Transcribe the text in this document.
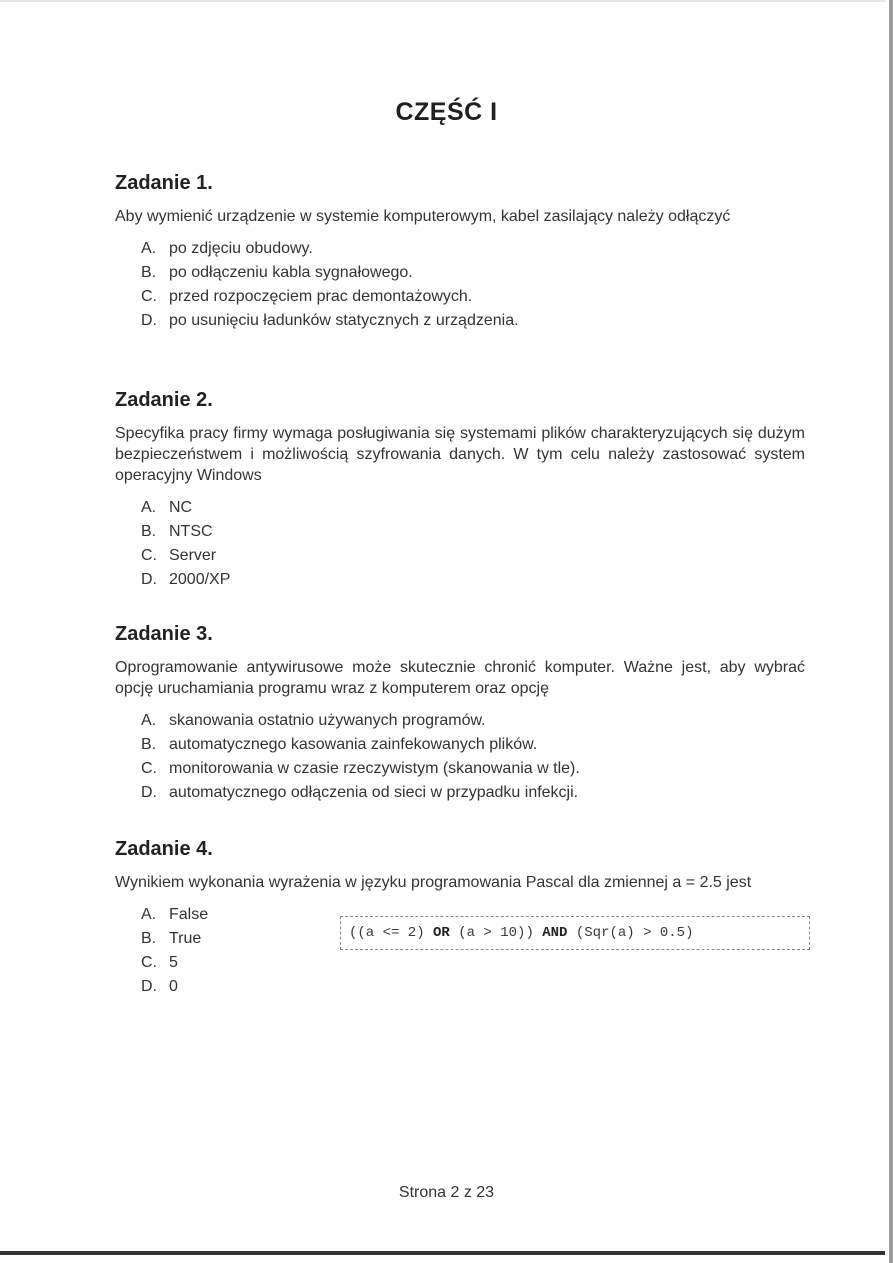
CZĘŚĆ I
Zadanie 1.
Aby wymienić urządzenie w systemie komputerowym, kabel zasilający należy odłączyć
A. po zdjęciu obudowy.
B. po odłączeniu kabla sygnałowego.
C. przed rozpoczęciem prac demontażowych.
D. po usunięciu ładunków statycznych z urządzenia.
Zadanie 2.
Specyfika pracy firmy wymaga posługiwania się systemami plików charakteryzujących się dużym bezpieczeństwem i możliwością szyfrowania danych. W tym celu należy zastosować system operacyjny Windows
A. NC
B. NTSC
C. Server
D. 2000/XP
Zadanie 3.
Oprogramowanie antywirusowe może skutecznie chronić komputer. Ważne jest, aby wybrać opcję uruchamiania programu wraz z komputerem oraz opcję
A. skanowania ostatnio używanych programów.
B. automatycznego kasowania zainfekowanych plików.
C. monitorowania w czasie rzeczywistym (skanowania w tle).
D. automatycznego odłączenia od sieci w przypadku infekcji.
Zadanie 4.
Wynikiem wykonania wyrażenia w języku programowania Pascal dla zmiennej a = 2.5 jest
A. False
B. True
C. 5
D. 0
((a <= 2) OR (a > 10)) AND (Sqr(a) > 0.5)
Strona 2 z 23
